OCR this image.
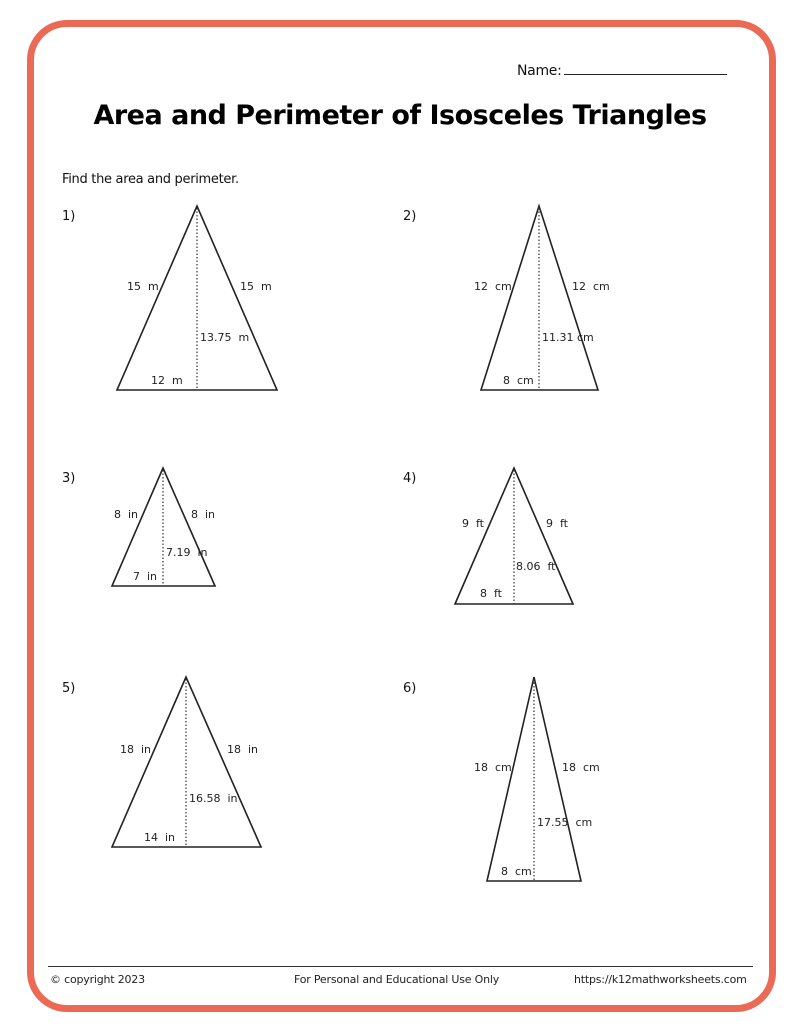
Name:
Area and Perimeter of Isosceles Triangles
Find the area and perimeter.
1)	2)
3)	4)
5)	6)
15  m	15  m
13.75  m
12  m
12  cm	12  cm
11.31 cm
8  cm
8  in	8  in
7.19  in
7  in
9  ft	9  ft
8.06  ft
8  ft
18  in	18  in
16.58  in
14  in
18  cm	18  cm
17.55  cm
8  cm
© copyright 2023	For Personal and Educational Use Only	https://k12mathworksheets.com
